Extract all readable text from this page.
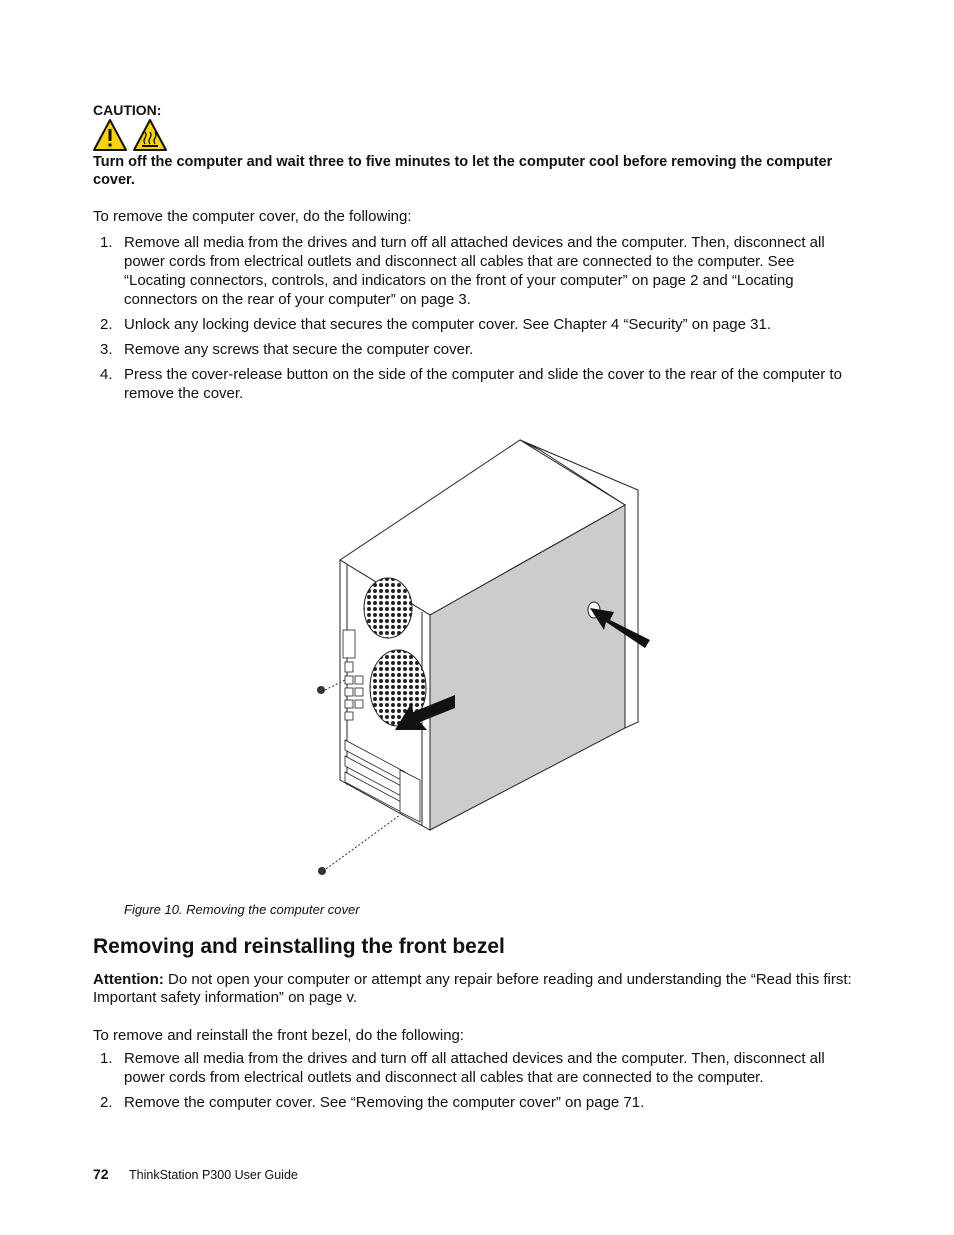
CAUTION:
Turn off the computer and wait three to five minutes to let the computer cool before removing the computer cover.
To remove the computer cover, do the following:
1. Remove all media from the drives and turn off all attached devices and the computer. Then, disconnect all power cords from electrical outlets and disconnect all cables that are connected to the computer. See “Locating connectors, controls, and indicators on the front of your computer” on page 2 and “Locating connectors on the rear of your computer” on page 3.
2. Unlock any locking device that secures the computer cover. See Chapter 4 “Security” on page 31.
3. Remove any screws that secure the computer cover.
4. Press the cover-release button on the side of the computer and slide the cover to the rear of the computer to remove the cover.
Figure 10. Removing the computer cover
Removing and reinstalling the front bezel
Attention: Do not open your computer or attempt any repair before reading and understanding the “Read this first: Important safety information” on page v.
To remove and reinstall the front bezel, do the following:
1. Remove all media from the drives and turn off all attached devices and the computer. Then, disconnect all power cords from electrical outlets and disconnect all cables that are connected to the computer.
2. Remove the computer cover. See “Removing the computer cover” on page 71.
72 ThinkStation P300 User Guide
